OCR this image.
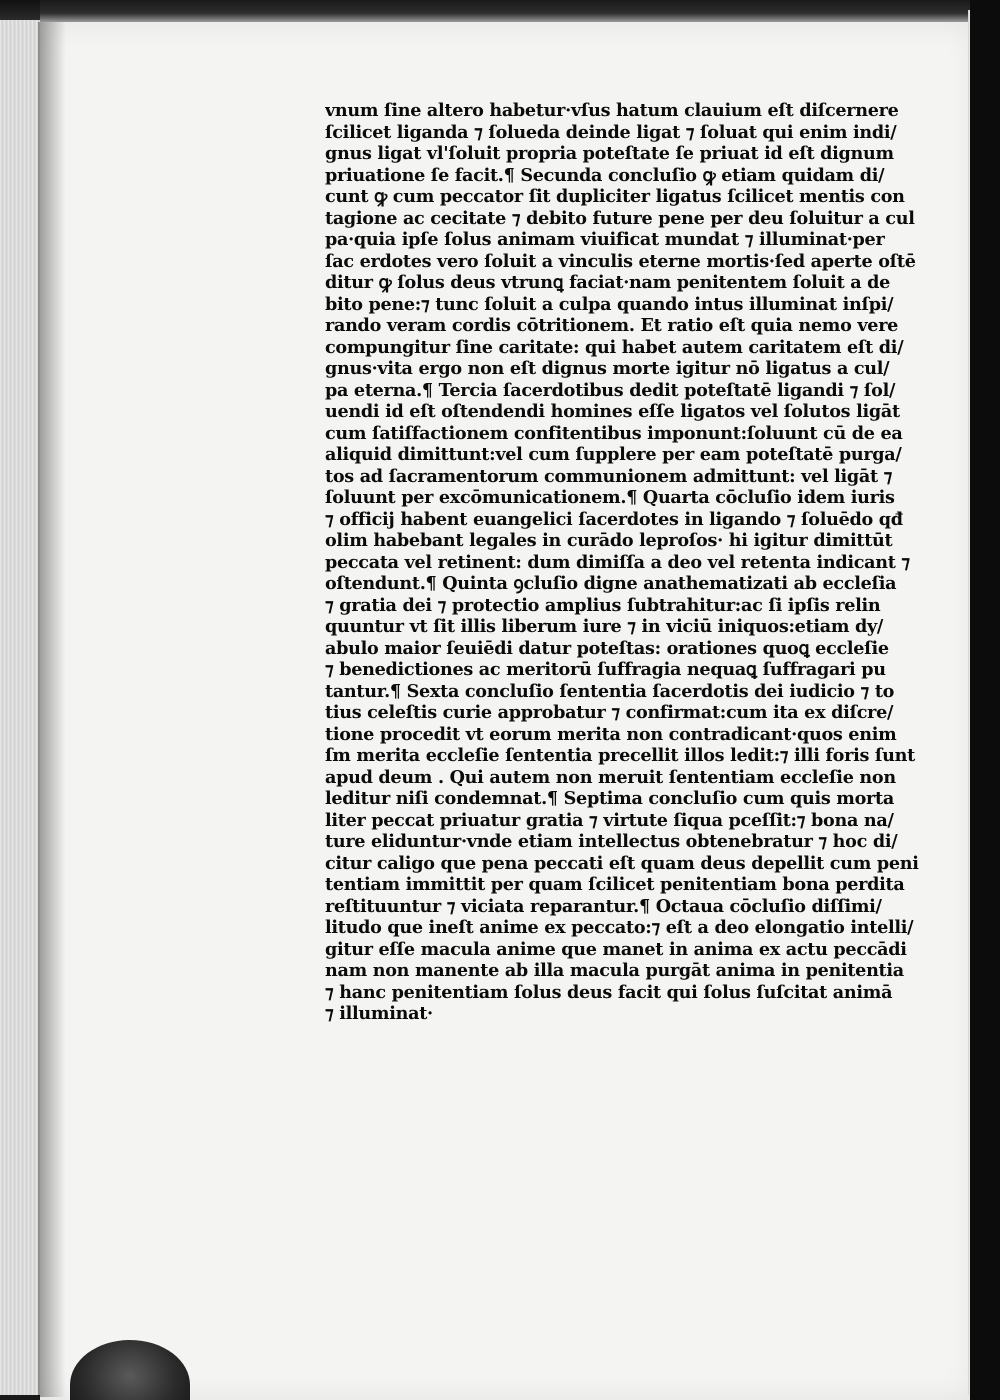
vnum ſine altero habetur·vſus hatum clauium eſt diſcernere
ſcilicet liganda ⁊ ſolueda deinde ligat ⁊ ſoluat qui enim indi/
gnus ligat vl'ſoluit propria poteſtate ſe priuat id eſt dignum
priuatione ſe facit.¶ Secunda concluſio ꝙ etiam quidam di/
cunt ꝙ cum peccator ſit dupliciter ligatus ſcilicet mentis con
tagione ac cecitate ⁊ debito future pene per deu ſoluitur a cul
pa·quia ipſe ſolus animam viuificat mundat ⁊ illuminat·per
ſac erdotes vero ſoluit a vinculis eterne mortis·ſed aperte oſtē
ditur ꝙ ſolus deus vtrunꝗ faciat·nam penitentem ſoluit a de
bito pene:⁊ tunc ſoluit a culpa quando intus illuminat inſpi/
rando veram cordis cōtritionem. Et ratio eſt quia nemo vere
compungitur ſine caritate: qui habet autem caritatem eſt di/
gnus·vita ergo non eſt dignus morte igitur nō ligatus a cul/
pa eterna.¶ Tercia ſacerdotibus dedit poteſtatē ligandi ⁊ ſol/
uendi id eſt oſtendendi homines eſſe ligatos vel ſolutos ligāt
cum ſatiſfactionem confitentibus imponunt:ſoluunt cū de ea
aliquid dimittunt:vel cum ſupplere per eam poteſtatē purga/
tos ad ſacramentorum communionem admittunt: vel ligāt ⁊
ſoluunt per excōmunicationem.¶ Quarta cōcluſio idem iuris
⁊ officij habent euangelici ſacerdotes in ligando ⁊ ſoluēdo qđ
olim habebant legales in curādo leproſos· hi igitur dimittūt
peccata vel retinent: dum dimiſſa a deo vel retenta indicant ⁊
oſtendunt.¶ Quinta ꝯcluſio digne anathematizati ab eccleſia
⁊ gratia dei ⁊ protectio amplius ſubtrahitur:ac ſi ipſis relin
quuntur vt ſit illis liberum iure ⁊ in viciū iniquos:etiam dy/
abulo maior ſeuiēdi datur poteſtas: orationes quoꝗ eccleſie
⁊ benedictiones ac meritorū ſuffragia nequaꝗ ſuffragari pu
tantur.¶ Sexta concluſio ſententia ſacerdotis dei iudicio ⁊ to
tius celeſtis curie approbatur ⁊ confirmat:cum ita ex diſcre/
tione procedit vt eorum merita non contradicant·quos enim
ſm merita eccleſie ſententia precellit illos ledit:⁊ illi foris ſunt
apud deum . Qui autem non meruit ſententiam eccleſie non
leditur niſi condemnat.¶ Septima concluſio cum quis morta
liter peccat priuatur gratia ⁊ virtute ſiqua pceſſit:⁊ bona na/
ture eliduntur·vnde etiam intellectus obtenebratur ⁊ hoc di/
citur caligo que pena peccati eſt quam deus depellit cum peni
tentiam immittit per quam ſcilicet penitentiam bona perdita
reſtituuntur ⁊ viciata reparantur.¶ Octaua cōcluſio diſſimi/
litudo que ineſt anime ex peccato:⁊ eſt a deo elongatio intelli/
gitur eſſe macula anime que manet in anima ex actu peccādi
nam non manente ab illa macula purgāt anima in penitentia
⁊ hanc penitentiam ſolus deus facit qui ſolus ſuſcitat animā
⁊ illuminat·
